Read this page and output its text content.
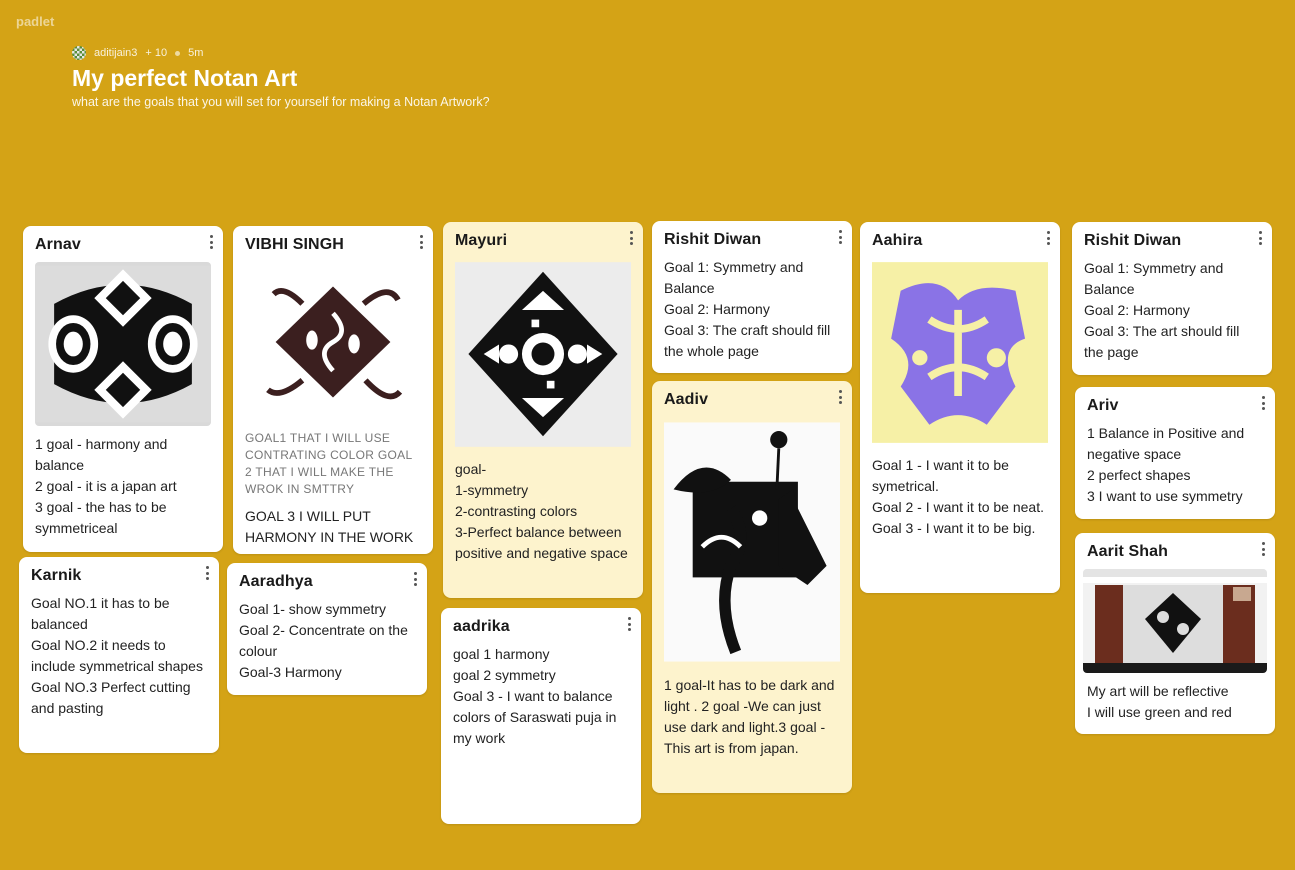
padlet
aditijain3 + 10 5m
My perfect Notan Art
what are the goals that you will set for yourself for making a Notan Artwork?
Arnav
1 goal - harmony and balance
2 goal - it is a japan art
3 goal - the has to be symmetriceal
Karnik
Goal NO.1 it has to be balanced
Goal NO.2 it needs to include symmetrical shapes
Goal NO.3 Perfect cutting and pasting
VIBHI SINGH
GOAL1 THAT I WILL USE CONTRATING COLOR GOAL 2 THAT I WILL MAKE THE WROK IN SMTTRY
GOAL 3 I WILL PUT HARMONY IN THE WORK
Aaradhya
Goal 1- show symmetry
Goal 2- Concentrate on the colour
Goal-3 Harmony
Mayuri
goal-
1-symmetry
2-contrasting colors
3-Perfect balance between positive and negative space
aadrika
goal 1 harmony
goal 2 symmetry
Goal 3 - I want to balance colors of Saraswati puja in my work
Rishit Diwan
Goal 1: Symmetry and Balance
Goal 2: Harmony
Goal 3: The craft should fill the whole page
Aadiv
1 goal-It has to be dark and light . 2 goal -We can just use dark and light.3 goal - This art is from japan.
Aahira
Goal 1 - I want it to be symetrical.
Goal 2 - I want it to be neat.
Goal 3 - I want it to be big.
Rishit Diwan
Goal 1: Symmetry and Balance
Goal 2: Harmony
Goal 3: The art should fill the page
Ariv
1 Balance in Positive and negative space
2 perfect shapes
3 I want to use symmetry
Aarit Shah
My art will be reflective
I will use green and red
